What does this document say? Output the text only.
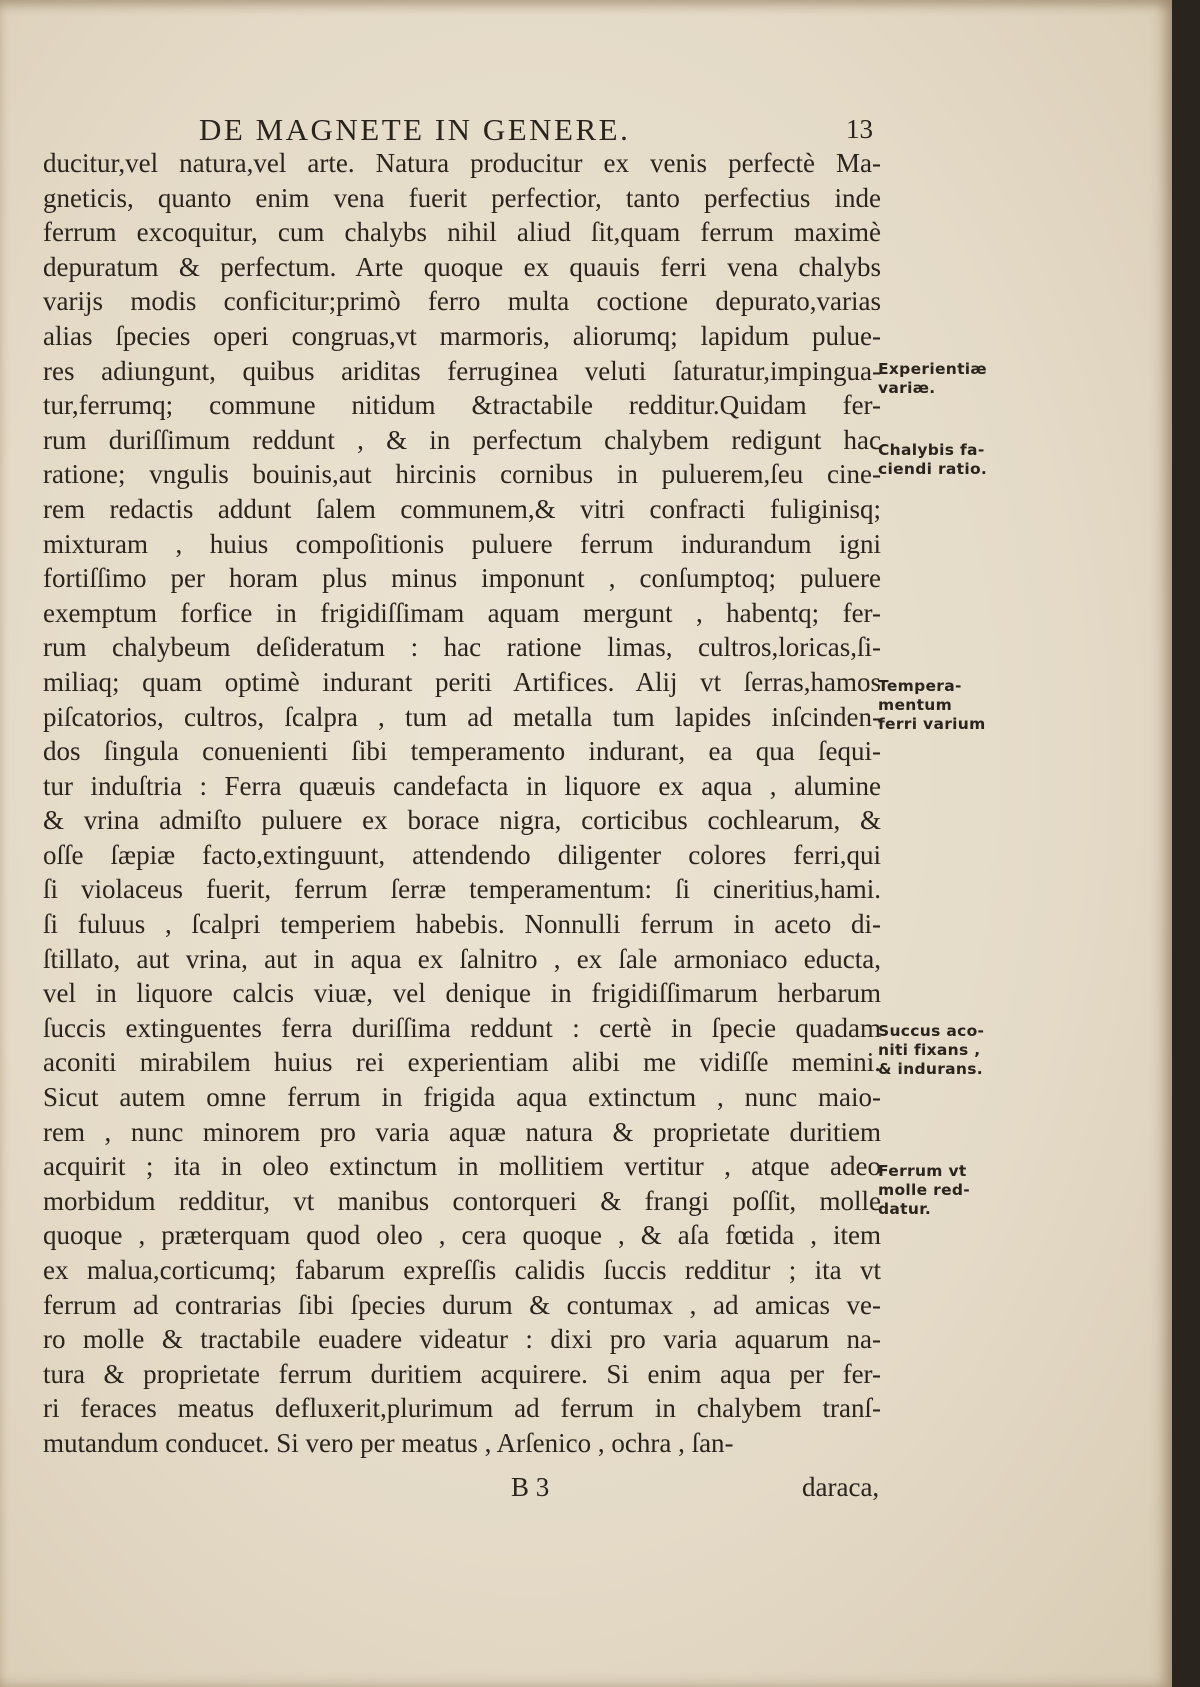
DE MAGNETE IN GENERE.	13
ducitur,vel natura,vel arte. Natura producitur ex venis perfectè Ma-
gneticis, quanto enim vena fuerit perfectior, tanto perfectius inde
ferrum excoquitur, cum chalybs nihil aliud ſit,quam ferrum maximè
depuratum & perfectum. Arte quoque ex quauis ferri vena chalybs
varijs modis conficitur;primò ferro multa coctione depurato,varias
alias ſpecies operi congruas,vt marmoris, aliorumq; lapidum pulue-
res adiungunt, quibus ariditas ferruginea veluti ſaturatur,impingua-
tur,ferrumq; commune nitidum &tractabile redditur.Quidam fer-
rum duriſſimum reddunt , & in perfectum chalybem redigunt hac
ratione; vngulis bouinis,aut hircinis cornibus in puluerem,ſeu cine-
rem redactis addunt ſalem communem,& vitri confracti fuliginisq;
mixturam , huius compoſitionis puluere ferrum indurandum igni
fortiſſimo per horam plus minus imponunt , conſumptoq; puluere
exemptum forfice in frigidiſſimam aquam mergunt , habentq; fer-
rum chalybeum deſideratum : hac ratione limas, cultros,loricas,ſi-
miliaq; quam optimè indurant periti Artifices. Alij vt ſerras,hamos
piſcatorios, cultros, ſcalpra , tum ad metalla tum lapides inſcinden-
dos ſingula conuenienti ſibi temperamento indurant, ea qua ſequi-
tur induſtria : Ferra quæuis candefacta in liquore ex aqua , alumine
& vrina admiſto puluere ex borace nigra, corticibus cochlearum, &
oſſe ſæpiæ facto,extinguunt, attendendo diligenter colores ferri,qui
ſi violaceus fuerit, ferrum ſerræ temperamentum: ſi cineritius,hami.
ſi fuluus , ſcalpri temperiem habebis. Nonnulli ferrum in aceto di-
ſtillato, aut vrina, aut in aqua ex ſalnitro , ex ſale armoniaco educta,
vel in liquore calcis viuæ, vel denique in frigidiſſimarum herbarum
ſuccis extinguentes ferra duriſſima reddunt : certè in ſpecie quadam
aconiti mirabilem huius rei experientiam alibi me vidiſſe memini.
Sicut autem omne ferrum in frigida aqua extinctum , nunc maio-
rem , nunc minorem pro varia aquæ natura & proprietate duritiem
acquirit ; ita in oleo extinctum in mollitiem vertitur , atque adeo
morbidum redditur, vt manibus contorqueri & frangi poſſit, molle
quoque , præterquam quod oleo , cera quoque , & aſa fœtida , item
ex malua,corticumq; fabarum expreſſis calidis ſuccis redditur ; ita vt
ferrum ad contrarias ſibi ſpecies durum & contumax , ad amicas ve-
ro molle & tractabile euadere videatur : dixi pro varia aquarum na-
tura & proprietate ferrum duritiem acquirere. Si enim aqua per fer-
ri feraces meatus defluxerit,plurimum ad ferrum in chalybem tranſ-
mutandum conducet. Si vero per meatus , Arſenico , ochra , ſan-
Experientiæ
variæ.
Chalybis fa-
ciendi ratio.
Tempera-
mentum
ferri varium
Succus aco-
niti fixans ,
& indurans.
Ferrum vt
molle red-
datur.
B 3	daraca,
